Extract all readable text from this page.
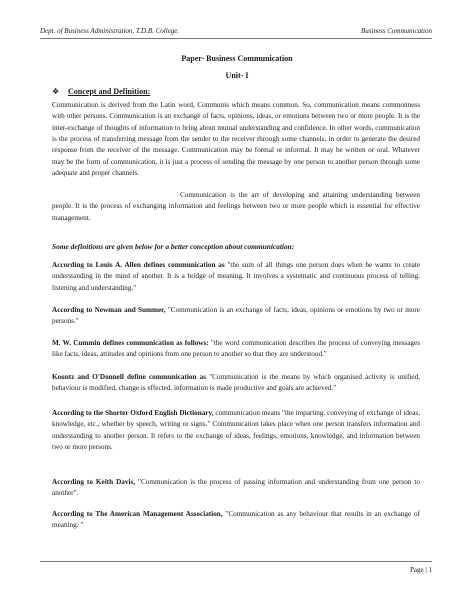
Dept. of Business Administration, T.D.B. College.	Business Communication
Paper- Business Communication
Unit- I
❖ Concept and Definition:

Communication is derived from the Latin word, Communis which means common. So, communication means commonness with other persons. Communication is an exchange of facts, opinions, ideas, or emotions between two or more people. It is the inter-exchange of thoughts of information to bring about mutual understanding and confidence. In other words, communication is the process of transferring message from the sender to the receiver through some channels, in order to generate the desired response from the receiver of the message. Communication may be formal or informal. It may be written or oral. Whatever may be the form of communication, it is just a process of sending the message by one person to another person through some adequate and proper channels.

Communication is the art of developing and attaining understanding between people. It is the process of exchanging information and feelings between two or more people which is essential for effective management.

Some definitions are given below for a better conception about communication:

According to Louis A. Allen defines communication as "the sum of all things one person does when he wants to create understanding in the mind of another. It is a bridge of meaning. It involves a systematic and continuous process of telling, listening and understanding."

According to Newman and Summer, "Communication is an exchange of facts, ideas, opinions or emotions by two or more persons."

M. W. Cummin defines communication as follows: "the word communication describes the process of conveying messages like facts, ideas, attitudes and opinions from one person to another so that they are understood."

Koontz and O'Donnell define communication as "Communication is the means by which organised activity is unified, behaviour is modified, change is effected. information is made productive and goals are achieved."

According to the Shorter Oxford English Dictionary, communication means "the imparting. conveying of exchange of ideas, knowledge, etc., whether by speech, writing or signs." Communication takes place when one person transfers information and understanding to another person. It refers to the exchange of ideas, feelings, emotions, knowledge, and information between two or more persons.

According to Keith Davis, "Communication is the process of passing information and understanding from one person to another".

According to The American Management Association, "Communication as any behaviour that results in an exchange of meaning. "

Page | 1
